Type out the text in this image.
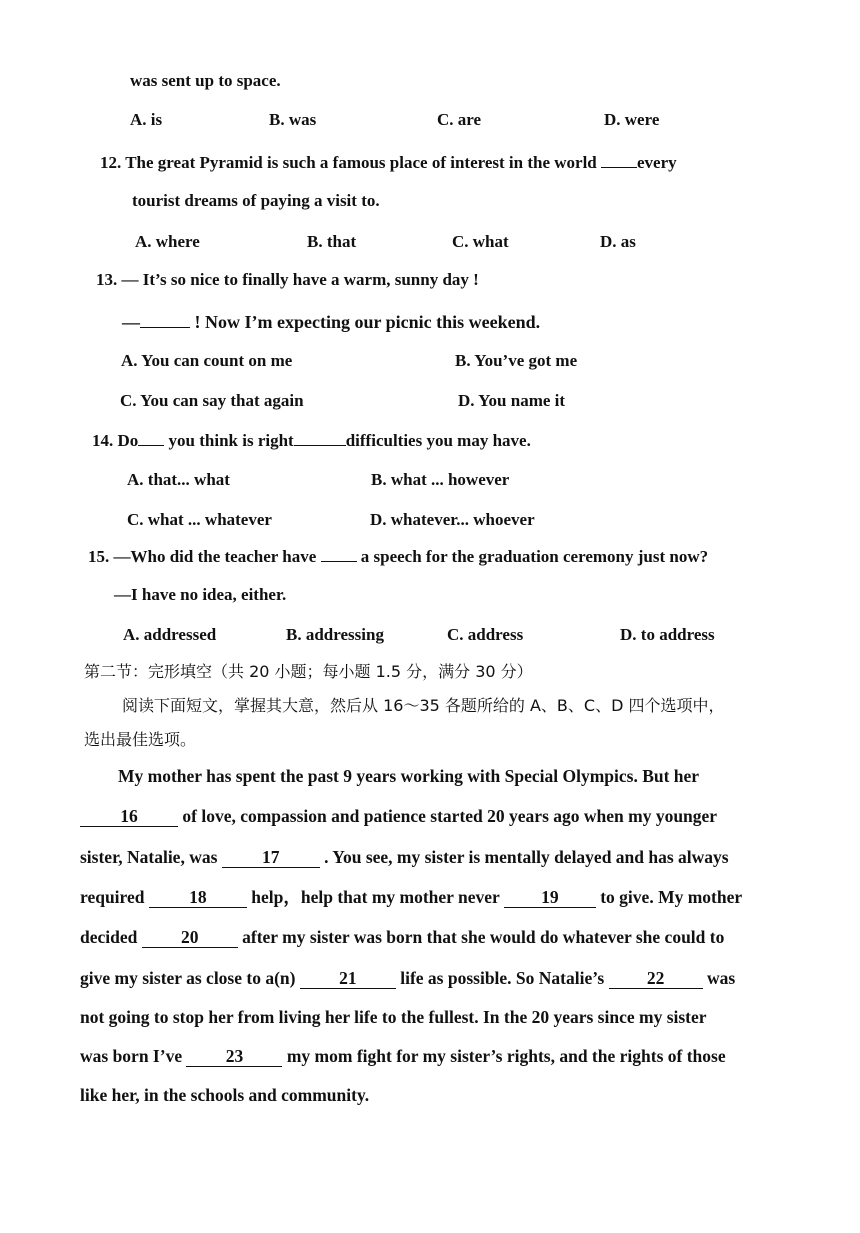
was sent up to space.
A. is	B. was	C. are	D. were
12. The great Pyramid is such a famous place of interest in the world every
tourist dreams of paying a visit to.
A. where	B. that	C. what	D. as
13. — It’s so nice to finally have a warm, sunny day !
—	! Now I’m expecting our picnic this weekend.
A. You can count on me	B. You’ve got me
C. You can say that again	D. You name it
14. Do you think is right	difficulties you may have.
A. that... what	B. what ... however
C. what ... whatever	D. whatever... whoever
15. —Who did the teacher have	a speech for the graduation ceremony just now?
—I have no idea, either.
A. addressed	B. addressing	C. address	D. to address
第二节：完形填空（共 20 小题；每小题 1.5 分，满分 30 分）
阅读下面短文，掌握其大意，然后从 16～35 各题所给的 A、B、C、D 四个选项中，
选出最佳选项。
My mother has spent the past 9 years working with Special Olympics. But her
16	of love, compassion and patience started 20 years ago when my younger
sister, Natalie, was	17	. You see, my sister is mentally delayed and has always
required	18	help，help that my mother never 19 to give. My mother
decided 20 after my sister was born that she would do whatever she could to
give my sister as close to a(n) 21 life as possible. So Natalie’s 22 was
not going to stop her from living her life to the fullest. In the 20 years since my sister
was born I’ve 23 my mom fight for my sister’s rights, and the rights of those
like her, in the schools and community.
